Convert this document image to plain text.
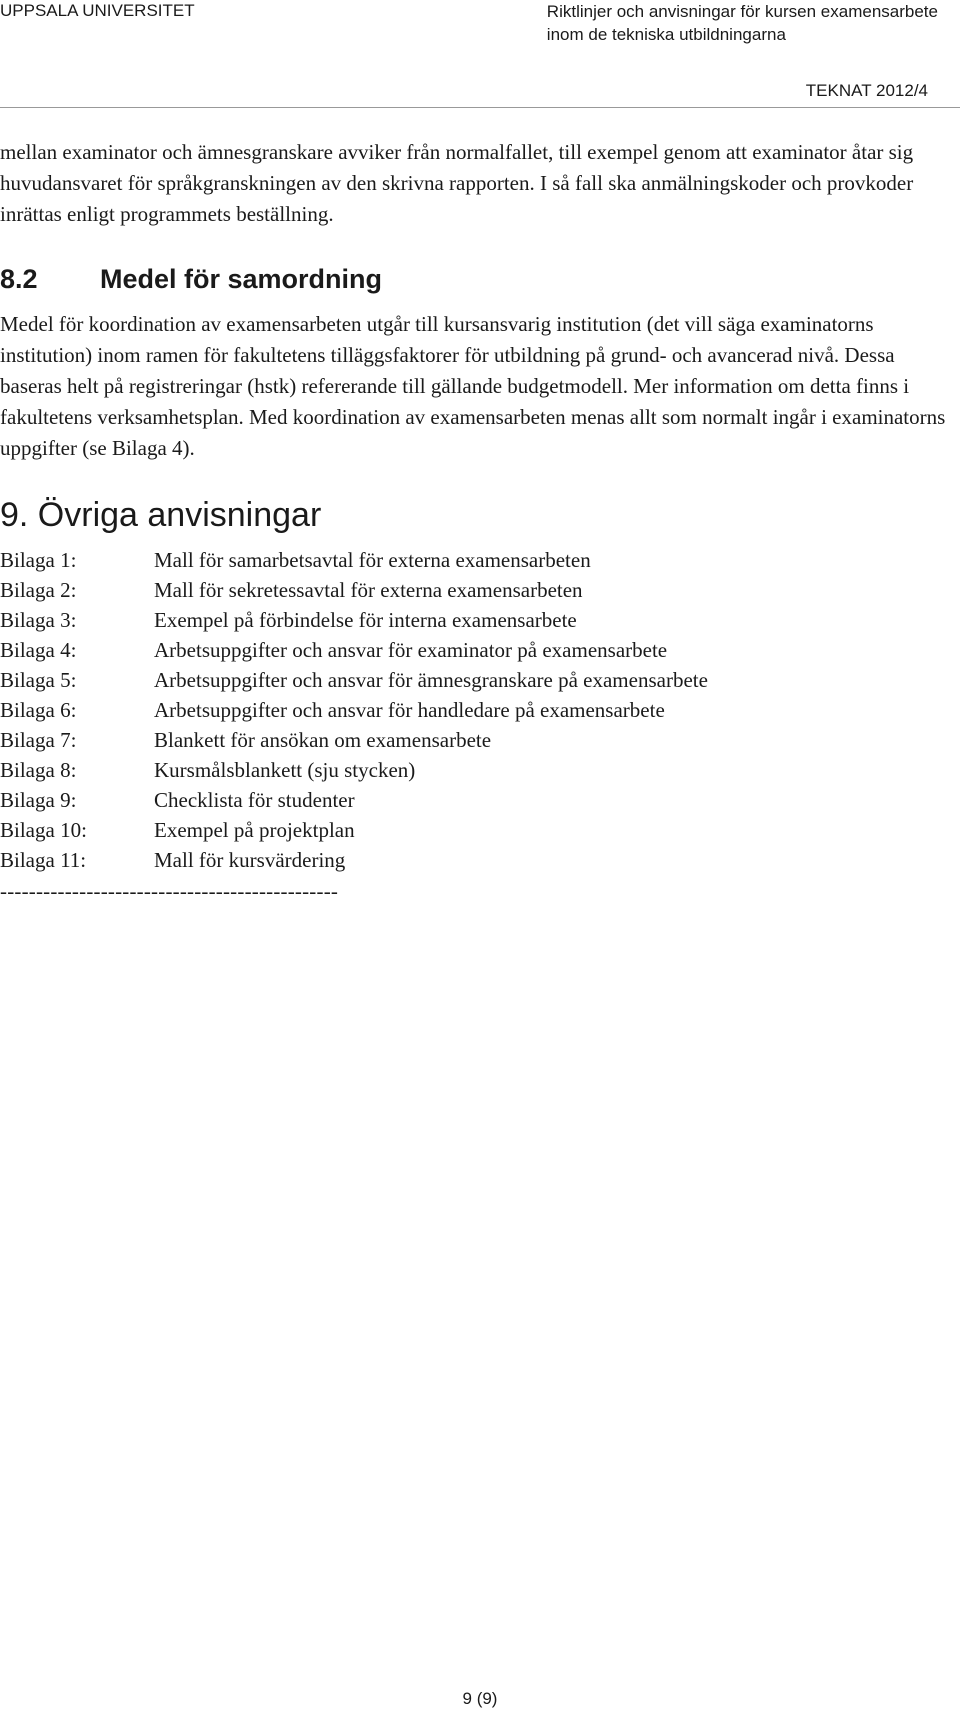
UPPSALA UNIVERSITET	Riktlinjer och anvisningar för kursen examensarbete
inom de tekniska utbildningarna
TEKNAT 2012/4

mellan examinator och ämnesgranskare avviker från normalfallet, till exempel genom att examinator åtar sig huvudansvaret för språkgranskningen av den skrivna rapporten. I så fall ska anmälningskoder och provkoder inrättas enligt programmets beställning.

8.2 Medel för samordning

Medel för koordination av examensarbeten utgår till kursansvarig institution (det vill säga examinatorns institution) inom ramen för fakultetens tilläggsfaktorer för utbildning på grund- och avancerad nivå. Dessa baseras helt på registreringar (hstk) refererande till gällande budgetmodell. Mer information om detta finns i fakultetens verksamhetsplan. Med koordination av examensarbeten menas allt som normalt ingår i examinatorns uppgifter (se Bilaga 4).

9. Övriga anvisningar
Bilaga 1:	Mall för samarbetsavtal för externa examensarbeten
Bilaga 2:	Mall för sekretessavtal för externa examensarbeten
Bilaga 3:	Exempel på förbindelse för interna examensarbete
Bilaga 4:	Arbetsuppgifter och ansvar för examinator på examensarbete
Bilaga 5:	Arbetsuppgifter och ansvar för ämnesgranskare på examensarbete
Bilaga 6:	Arbetsuppgifter och ansvar för handledare på examensarbete
Bilaga 7:	Blankett för ansökan om examensarbete
Bilaga 8:	Kursmålsblankett (sju stycken)
Bilaga 9:	Checklista för studenter
Bilaga 10:	Exempel på projektplan
Bilaga 11:	Mall för kursvärdering
-----------------------------------------------
9 (9)
